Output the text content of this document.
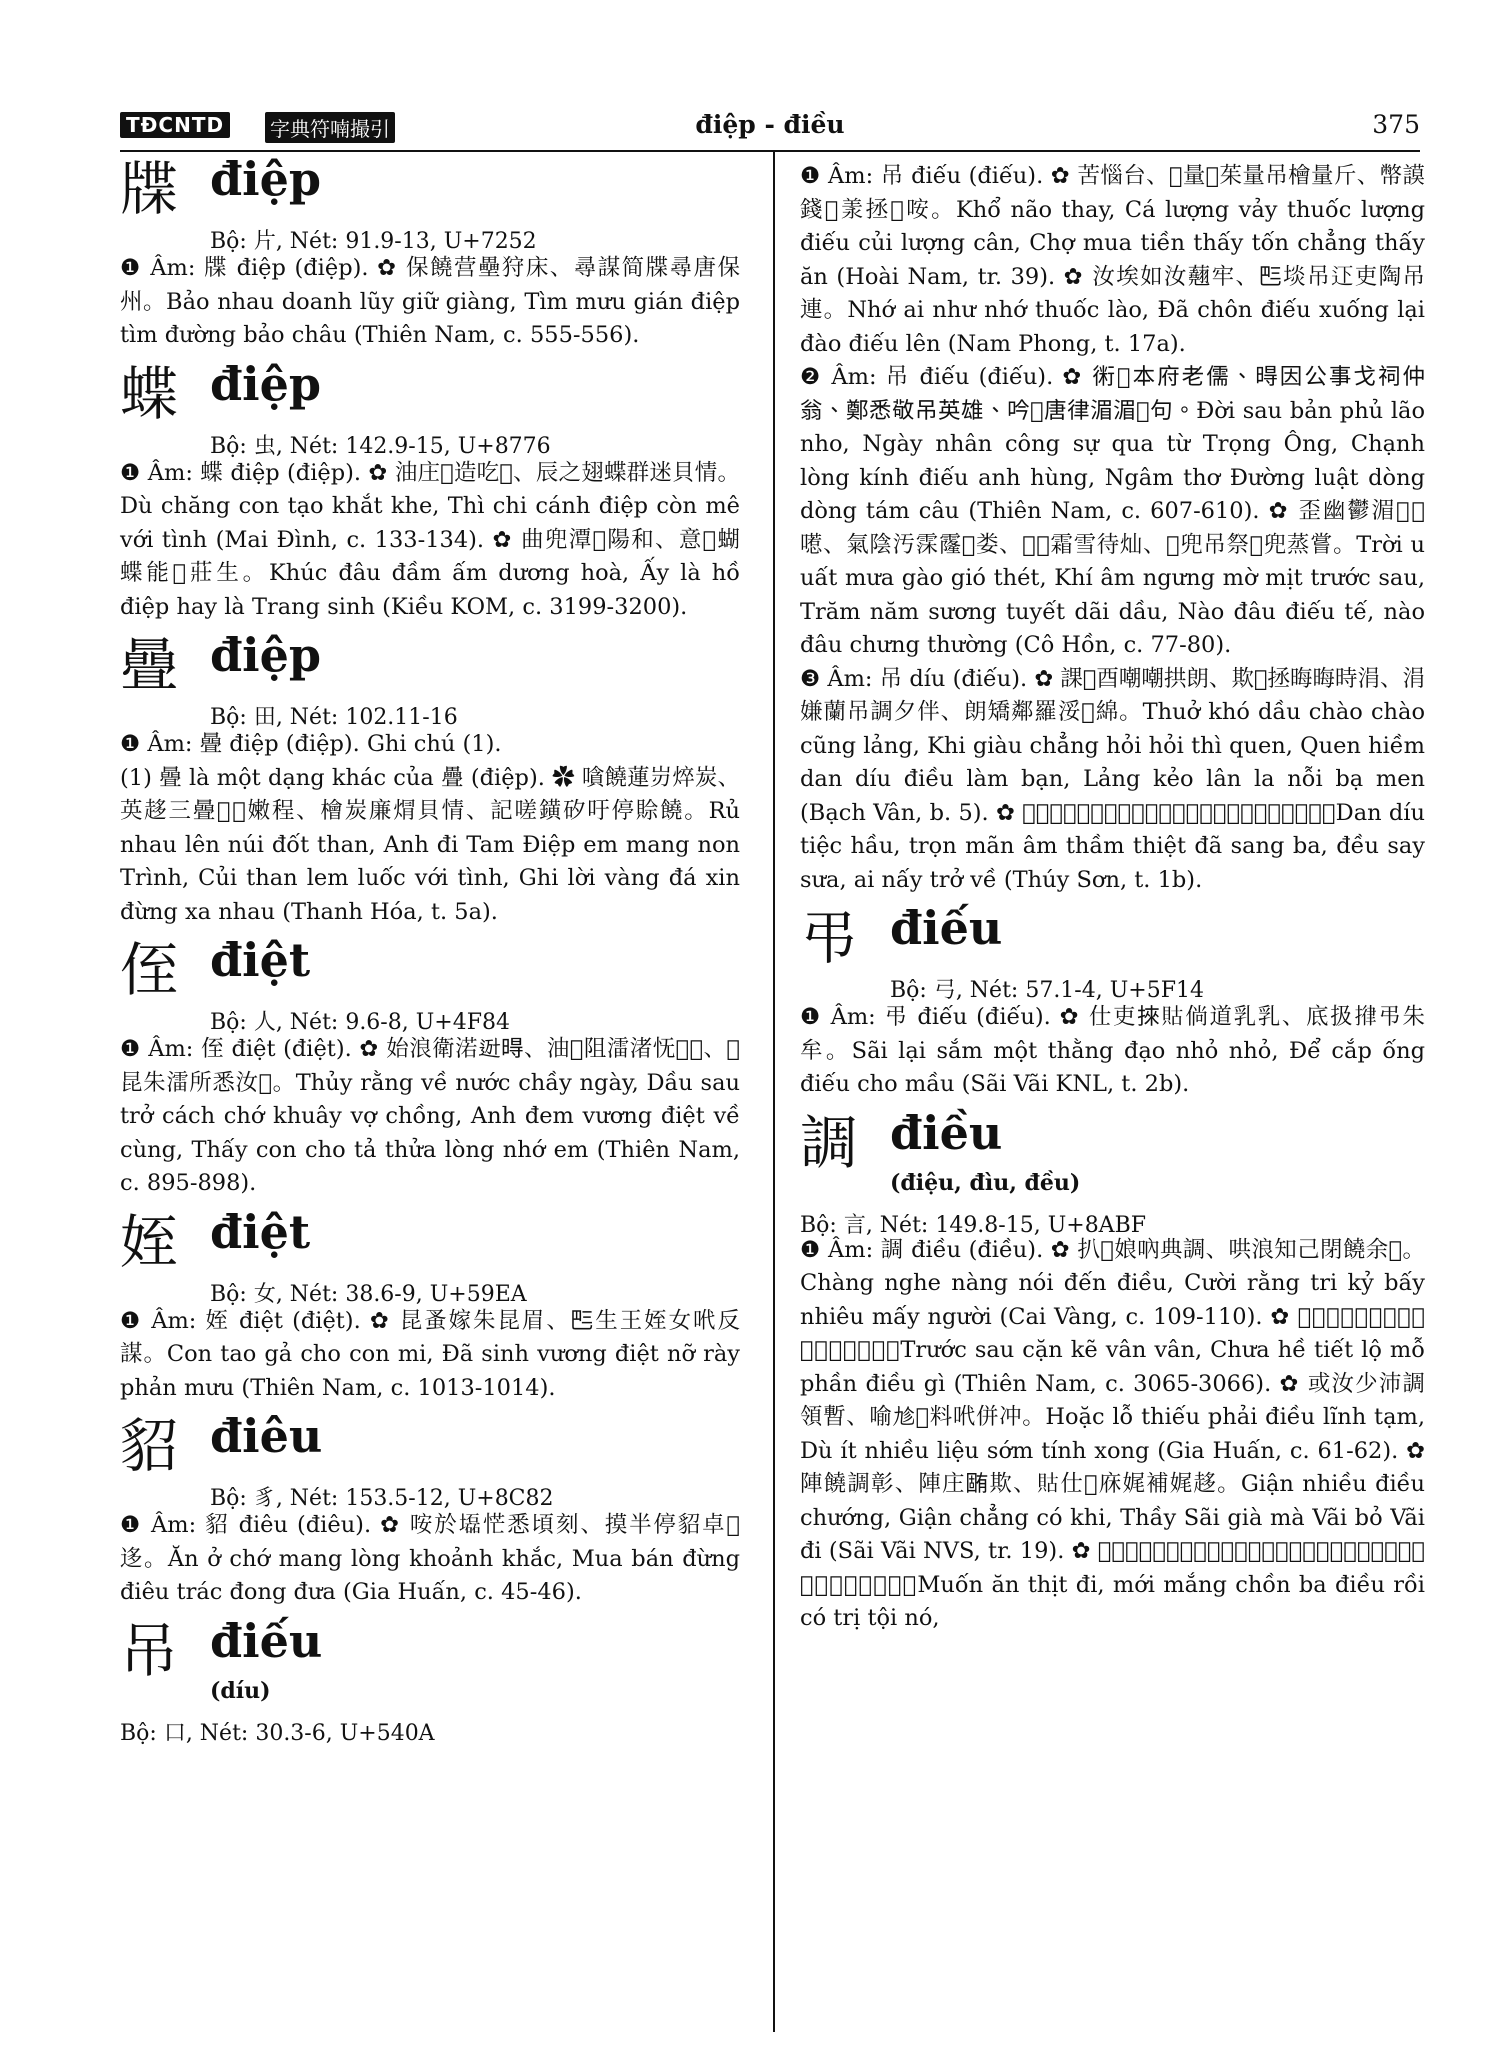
TĐCNTD	字典符喃撮引	điệp - điều	375
牒 điệp
Bộ: 片, Nét: 91.9-13, U+7252

❶ Âm: 牒 điệp (điệp). ✿ 保饒营壘狩床、尋謀简牒尋唐保州。Bảo nhau doanh lũy giữ giàng, Tìm mưu gián điệp tìm đường bảo châu (Thiên Nam, c. 555-556).

蝶 điệp
Bộ: 虫, Nét: 142.9-15, U+8776

❶ Âm: 蝶 điệp (điệp). ✿ 油庄𢬣造吃𡁡、辰之翅蝶群迷貝情。Dù chăng con tạo khắt khe, Thì chi cánh điệp còn mê với tình (Mai Đình, c. 133-134). ✿ 曲兜潭𪽗陽和、意𢧚蝴蝶能𢧚莊生。Khúc đâu đầm ấm dương hoà, Ấy là hồ điệp hay là Trang sinh (Kiều KOM, c. 3199-3200).

曡 điệp
Bộ: 田, Nét: 102.11-16

❶ Âm: 曡 điệp (điệp). Ghi chú (1).

(1) 曡 là một dạng khác của 疊 (điệp). ✿ 嗿饒蓮岃焠炭、英趍三曡𡛔𢗌嫩程、檜炭廉焨貝情、記嗟鐄矽吁停賒饒。Rủ nhau lên núi đốt than, Anh đi Tam Điệp em mang non Trình, Củi than lem luốc với tình, Ghi lời vàng đá xin đừng xa nhau (Thanh Hóa, t. 5a).

侄 điệt
Bộ: 人, Nét: 9.6-8, U+4F84

❶ Âm: 侄 điệt (điệt). ✿ 始浪衛渃𨒒𣈜、油𥪞阻㵢渚怃𡞕𫯳、𢭂昆朱㵢所悉汝𡛔。Thủy rằng về nước chầy ngày, Dầu sau trở cách chớ khuây vợ chồng, Anh đem vương điệt về cùng, Thấy con cho tả thửa lòng nhớ em (Thiên Nam, c. 895-898).

姪 điệt
Bộ: 女, Nét: 38.6-9, U+59EA

❶ Âm: 姪 điệt (điệt). ✿ 昆蚤嫁朱昆眉、𠀧生王姪女𠰺反謀。Con tao gả cho con mi, Đã sinh vương điệt nỡ rày phản mưu (Thiên Nam, c. 1013-1014).

貂 điêu
Bộ: 豸, Nét: 153.5-12, U+8C82

❶ Âm: 貂 điêu (điêu). ✿ 咹於𡓃恾悉頃刻、摸半停貂卓𢬭迻。Ăn ở chớ mang lòng khoảnh khắc, Mua bán đừng điêu trác đong đưa (Gia Huấn, c. 45-46).

吊 điếu
(díu)
Bộ: 口, Nét: 30.3-6, U+540A

❶ Âm: 吊 điếu (điếu). ✿ 苦惱台、𩵜量𢭲茱量吊檜量斤、幣謨錢𧵑羕拯𧵑咹。Khổ não thay, Cá lượng vảy thuốc lượng điếu củi lượng cân, Chợ mua tiền thấy tốn chẳng thấy ăn (Hoài Nam, tr. 39). ✿ 汝埃如汝𧄍牢、𠀧埮吊𨑜吏陶吊連。Nhớ ai như nhớ thuốc lào, Đã chôn điếu xuống lại đào điếu lên (Nam Phong, t. 17a).

❷ Âm: 吊 điếu (điếu). ✿ 𧗱𥪞本府老儒、𣈜因公事戈祠仲翁、鄭悉敬吊英雄、吟𪡇唐律湄湄𢆥句。Đời sau bản phủ lão nho, Ngày nhân công sự qua từ Trọng Ông, Chạnh lòng kính điếu anh hùng, Ngâm thơ Đường luật dòng dòng tám câu (Thiên Nam, c. 607-610). ✿ 歪幽鬱湄𩅹𩙍㘃、氣陰汚霂霳𤍇娄、𫢩𨑻霜雪待灿、𫢩兜吊祭𫢩兜蒸嘗。Trời u uất mưa gào gió thét, Khí âm ngưng mờ mịt trước sau, Trăm năm sương tuyết dãi dầu, Nào đâu điếu tế, nào đâu chưng thường (Cô Hồn, c. 77-80).

❸ Âm: 吊 díu (điếu). ✿ 課𤇮酉嘲嘲拱朗、欺𨇜拯晦晦時涓、涓嫌蘭吊調夕伴、朗矯鄰羅浽𢭄綿。Thuở khó dầu chào chào cũng lảng, Khi giàu chẳng hỏi hỏi thì quen, Quen hiềm dan díu điều làm bạn, Lảng kẻo lân la nỗi bạ men (Bạch Vân, b. 5). ✿ 𫢩吊席侯、論滿阴忱实𠀧𠀧巴、𥚄醝酾、埃乃𠭤術。Dan díu tiệc hầu, trọn mãn âm thầm thiệt đã sang ba, đều say sưa, ai nấy trở về (Thúy Sơn, t. 1b).

弔 điếu
Bộ: 弓, Nét: 57.1-4, U+5F14

❶ Âm: 弔 điếu (điếu). ✿ 仕吏𢯦𧵑倘道乳乳、底扱𢯰弔朱牟。Sãi lại sắm một thằng đạo nhỏ nhỏ, Để cắp ống điếu cho mầu (Sãi Vãi KNL, t. 2b).

調 điều
(điệu, đìu, đều)
Bộ: 言, Nét: 149.8-15, U+8ABF

❶ Âm: 調 điều (điều). ✿ 扒𦖑娘吶典調、哄浪知己閉饒余𠊛。Chàng nghe nàng nói đến điều, Cười rằng tri kỷ bấy nhiêu mấy người (Cai Vàng, c. 109-110). ✿ 𨖲𥪞𠻀𠯹云云、渚兮泄漏某分調之。Trước sau cặn kẽ vân vân, Chưa hề tiết lộ mỗ phần điều gì (Thiên Nam, c. 3065-3066). ✿ 或汝少沛調領暫、喻𠃩𩯀料𠰺併冲。Hoặc lỗ thiếu phải điều lĩnh tạm, Dù ít nhiều liệu sớm tính xong (Gia Huấn, c. 61-62). ✿ 陣饒調彰、陣庄𣎏欺、𧵑仕𦝄庥娓補娓趍。Giận nhiều điều chướng, Giận chẳng có khi, Thầy Sãi già mà Vãi bỏ Vãi đi (Sãi Vãi NVS, tr. 19). ✿ 𠻵咹𦧘趍、買㗂𤠄𠀧調末𣎏治罪奴、眉倚眉𣎏才豸咍年之眉輕易蚤稽番。Muốn ăn thịt đi, mới mắng chồn ba điều rồi có trị tội nó,
